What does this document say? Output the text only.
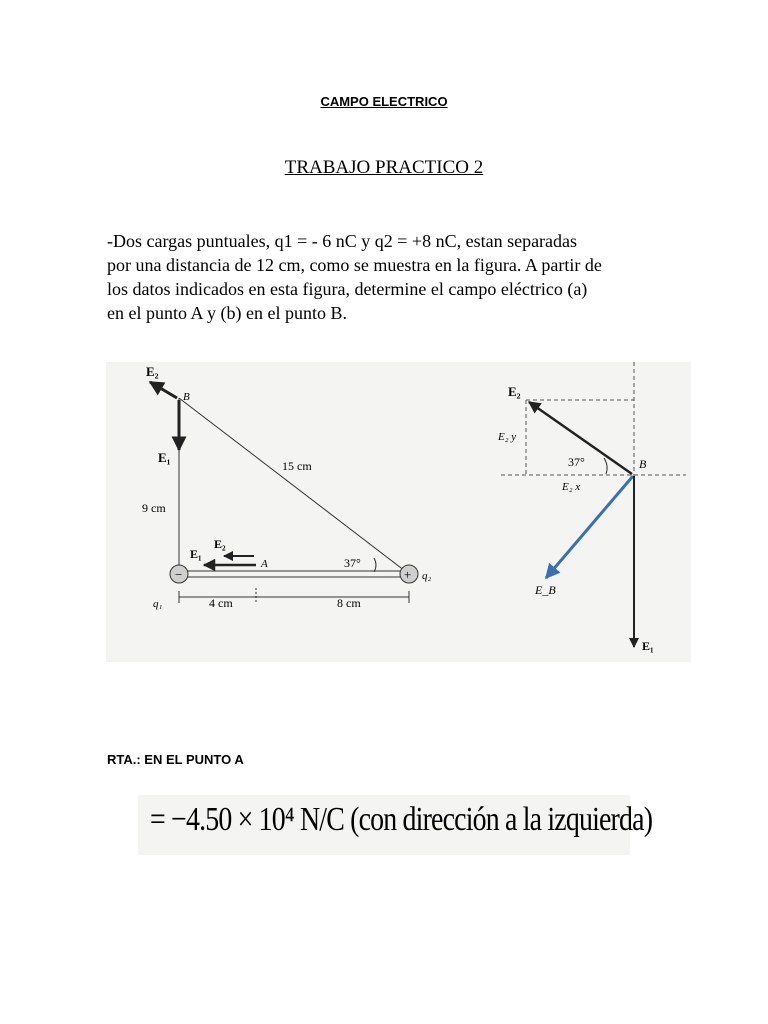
CAMPO ELECTRICO
TRABAJO PRACTICO 2
-Dos cargas puntuales, q1 = - 6 nC y q2 = +8 nC, estan separadas
por una distancia de 12 cm, como se muestra en la figura. A partir de
los datos indicados en esta figura, determine el campo eléctrico (a)
en el punto A y (b) en el punto B.
E₂
B
E₁
15 cm
9 cm
E₂
E₁
A	37°
−	+ q₂
q₁	4 cm	8 cm
E₂
E₂ y
37°	B
E₂ x
E_B
E₁
RTA.: EN EL PUNTO A
= −4.50 × 10⁴ N/C (con dirección a la izquierda)
